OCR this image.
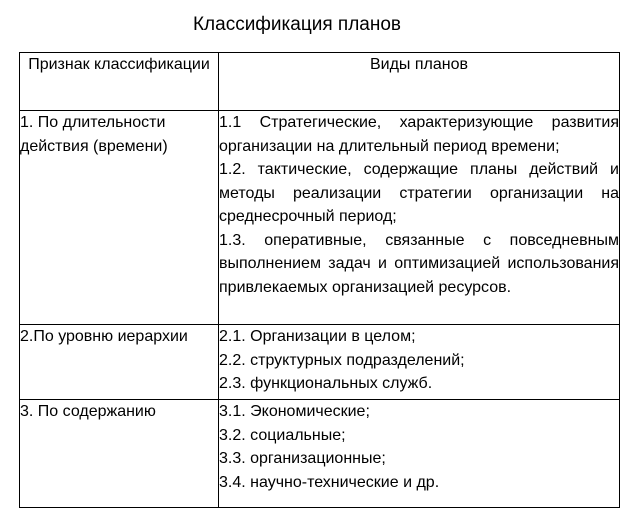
Классификация планов
Признак классификации	Виды планов
1. По длительности действия (времени)	1.1 Стратегические, характеризующие развития организации на длительный период времени;
1.2. тактические, содержащие планы действий и методы реализации стратегии организации на среднесрочный период;
1.3. оперативные, связанные с повседневным выполнением задач и оптимизацией использования привлекаемых организацией ресурсов.

2.По уровню иерархии	2.1. Организации в целом;
2.2. структурных подразделений;
2.3. функциональных служб.

3. По содержанию	3.1. Экономические;
3.2. социальные;
3.3. организационные;
3.4. научно-технические и др.
